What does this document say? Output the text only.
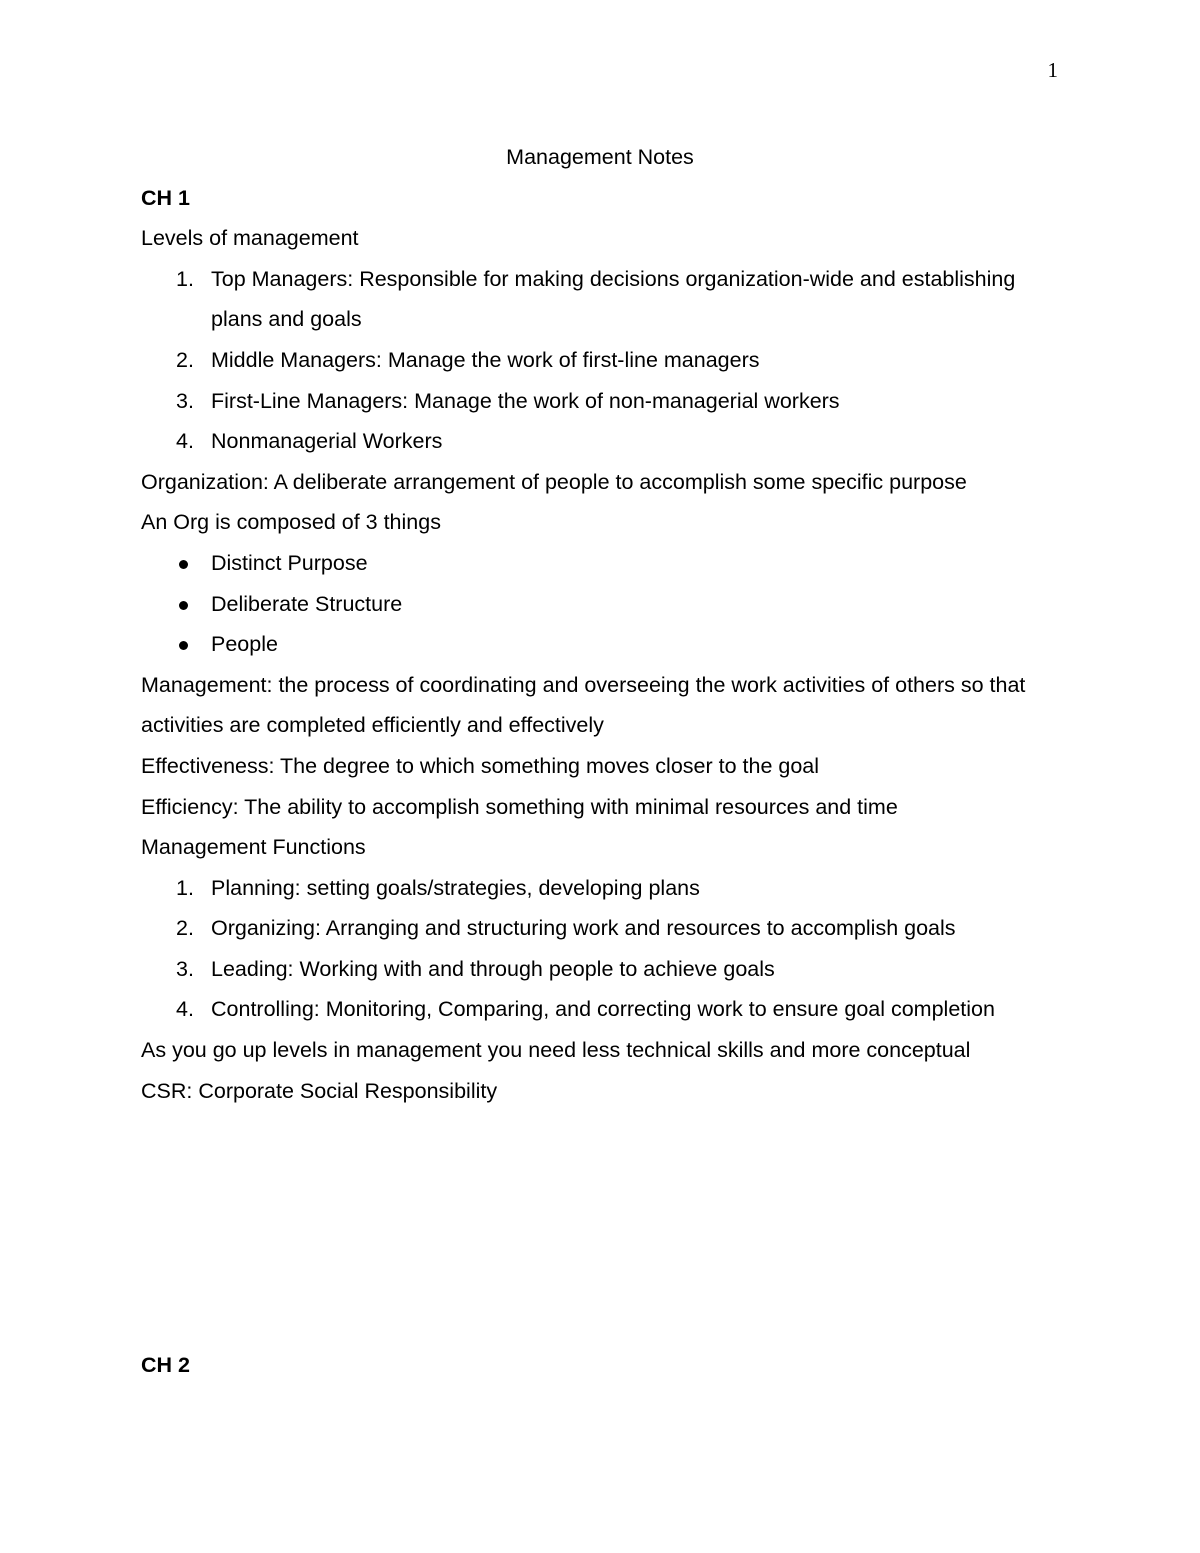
1

Management Notes

CH 1

Levels of management

1. Top Managers: Responsible for making decisions organization-wide and establishing plans and goals
2. Middle Managers: Manage the work of first-line managers
3. First-Line Managers: Manage the work of non-managerial workers
4. Nonmanagerial Workers

Organization: A deliberate arrangement of people to accomplish some specific purpose

An Org is composed of 3 things

Distinct Purpose
Deliberate Structure
People

Management: the process of coordinating and overseeing the work activities of others so that activities are completed efficiently and effectively

Effectiveness: The degree to which something moves closer to the goal

Efficiency: The ability to accomplish something with minimal resources and time

Management Functions

1. Planning: setting goals/strategies, developing plans
2. Organizing: Arranging and structuring work and resources to accomplish goals
3. Leading: Working with and through people to achieve goals
4. Controlling: Monitoring, Comparing, and correcting work to ensure goal completion

As you go up levels in management you need less technical skills and more conceptual

CSR: Corporate Social Responsibility

CH 2
